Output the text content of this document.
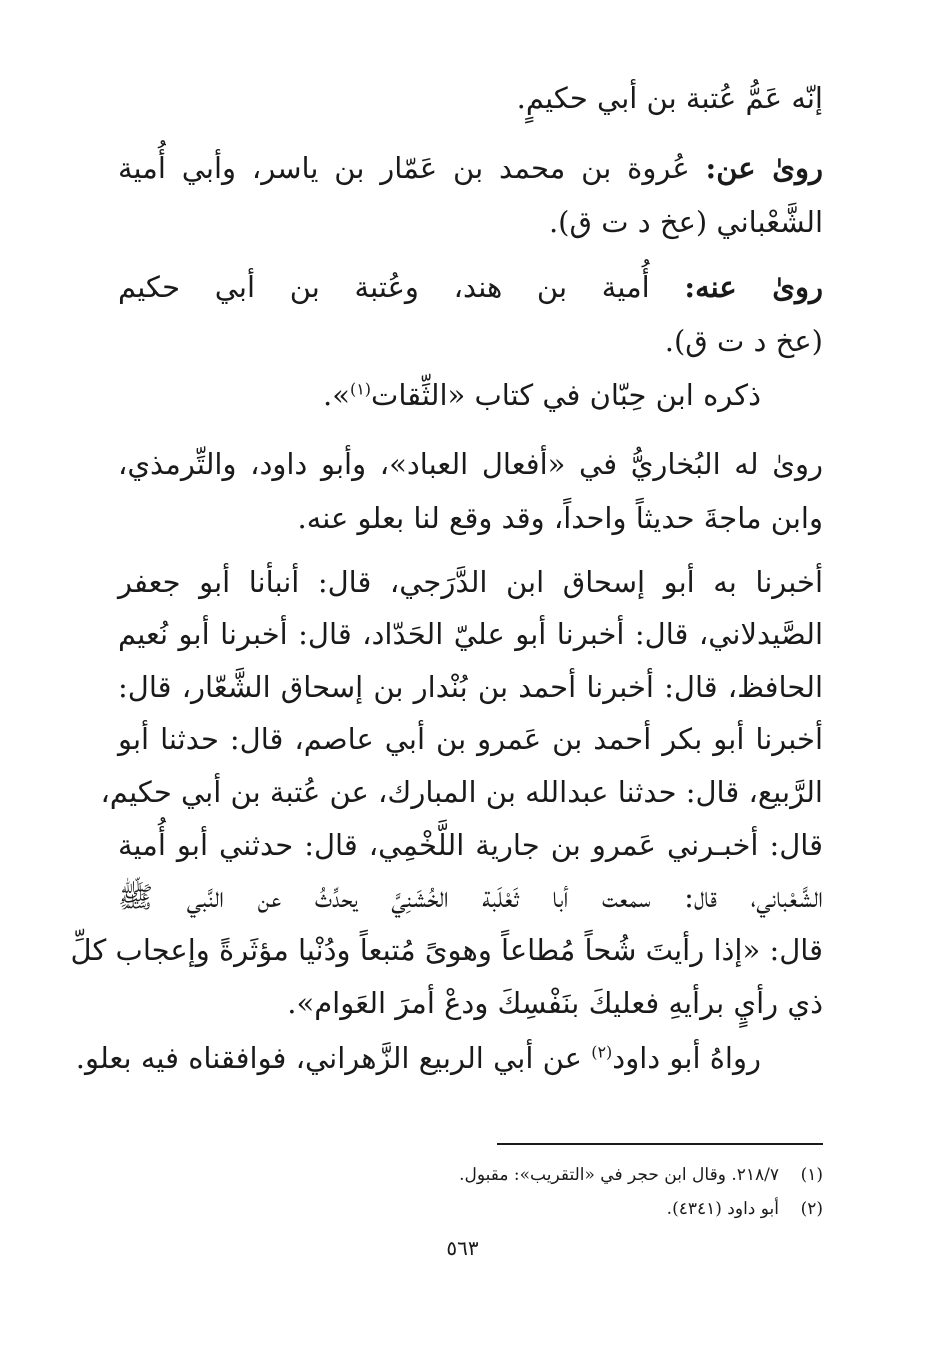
إنّه عَمُّ عُتبة بن أبي حكيمٍ.
روىٰ عن: عُروة بن محمد بن عَمّار بن ياسر، وأبي أُمية
الشَّعْباني (عخ د ت ق).
روىٰ عنه: أُمية بن هند، وعُتبة بن أبي حكيم
(عخ د ت ق).
ذكره ابن حِبّان في كتاب «الثِّقات$^{(١)}$».
روىٰ له البُخاريُّ في «أفعال العباد»، وأبو داود، والتِّرمذي،
وابن ماجةَ حديثاً واحداً، وقد وقع لنا بعلو عنه.
أخبرنا به أبو إسحاق ابن الدَّرَجي، قال: أنبأنا أبو جعفر
الصَّيدلاني، قال: أخبرنا أبو عليّ الحَدّاد، قال: أخبرنا أبو نُعيم
الحافظ، قال: أخبرنا أحمد بن بُنْدار بن إسحاق الشَّعّار، قال:
أخبرنا أبو بكر أحمد بن عَمرو بن أبي عاصم، قال: حدثنا أبو
الرَّبيع، قال: حدثنا عبدالله بن المبارك، عن عُتبة بن أبي حكيم،
قال: أخبـرني عَمرو بن جارية اللَّخْمِي، قال: حدثني أبو أُمية
الشَّعْباني، قال: سمعت أبا ثَعْلَبة الخُشَنِيَّ يحدِّثُ عن النَّبي ﷺ
قال: «إذا رأيتَ شُحاً مُطاعاً وهوىً مُتبعاً ودُنْيا مؤثَرةً وإعجاب كلِّ
ذي رأيٍ برأيهِ فعليكَ بنَفْسِكَ ودعْ أمرَ العَوام».
رواهُ أبو داود$^{(٢)}$ عن أبي الربيع الزَّهراني، فوافقناه فيه بعلو.
(١)٢١٨/٧. وقال ابن حجر في «التقريب»: مقبول.
(٢)أبو داود (٤٣٤١).
٥٦٣
